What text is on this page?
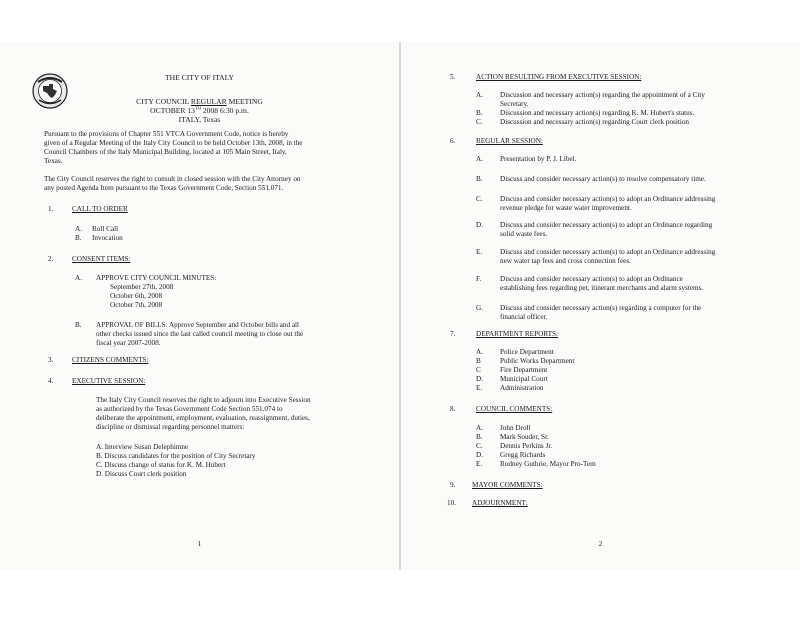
THE CITY OF ITALY
CITY COUNCIL REGULAR MEETING
OCTOBER 13TH 2008 6:30 p.m.
ITALY, Texas
Pursuant to the provisions of Chapter 551 VTCA Government Code, notice is hereby
given of a Regular Meeting of the Italy City Council to be held October 13th, 2008, in the
Council Chambers of the Italy Municipal Building, located at 105 Main Street, Italy,
Texas.
The City Council reserves the right to consult in closed session with the City Attorney on
any posted Agenda Item pursuant to the Texas Government Code, Section 551.071.
1.	CALL TO ORDER
A. Roll Call
B. Invocation
2.	CONSENT ITEMS:
A. APPROVE CITY COUNCIL MINUTES:
September 27th, 2008
October 6th, 2008
October 7th, 2008
B. APPROVAL OF BILLS: Approve September and October bills and all
other checks issued since the last called council meeting to close out the
fiscal year 2007-2008.
3.	CITIZENS COMMENTS:
4.	EXECUTIVE SESSION:
The Italy City Council reserves the right to adjourn into Executive Session
as authorized by the Texas Government Code Section 551.074 to
deliberate the appointment, employment, evaluation, reassignment, duties,
discipline or dismissal regarding personnel matters:
A. Interview Susan Delephimne
B. Discuss candidates for the position of City Secretary
C. Discuss change of status for K. M. Hubert
D. Discuss Court clerk position
1
5.	ACTION RESULTING FROM EXECUTIVE SESSION:
A. Discussion and necessary action(s) regarding the appointment of a City
Secretary.
B. Discussion and necessary action(s) regarding K. M. Hubert's status.
C. Discussion and necessary action(s) regarding Court clerk position
6.	REGULAR SESSION:
A. Presentation by P. J. Libel.
B. Discuss and consider necessary action(s) to resolve compensatory time.
C. Discuss and consider necessary action(s) to adopt an Ordinance addressing
revenue pledge for waste water improvement.
D. Discuss and consider necessary action(s) to adopt an Ordinance regarding
solid waste fees.
E. Discuss and consider necessary action(s) to adopt an Ordinance addressing
new water tap fees and cross connection fees.
F.	Discuss and consider necessary action(s) to adopt an Ordinance
establishing fees regarding pet, itinerant merchants and alarm systems.
G. Discuss and consider necessary action(s) regarding a computer for the
financial officer.
7.	DEPARTMENT REPORTS:
A. Police Department
B	Public Works Department
C	Fire Department
D. Municipal Court
E. Administration
8.	COUNCIL COMMENTS:
A. John Droll
B. Mark Souder, Sr.
C. Dennis Perkins Jr.
D. Gregg Richards
E. Rodney Guthrie, Mayor Pro-Tem
9. MAYOR COMMENTS:
10. ADJOURNMENT:
2
